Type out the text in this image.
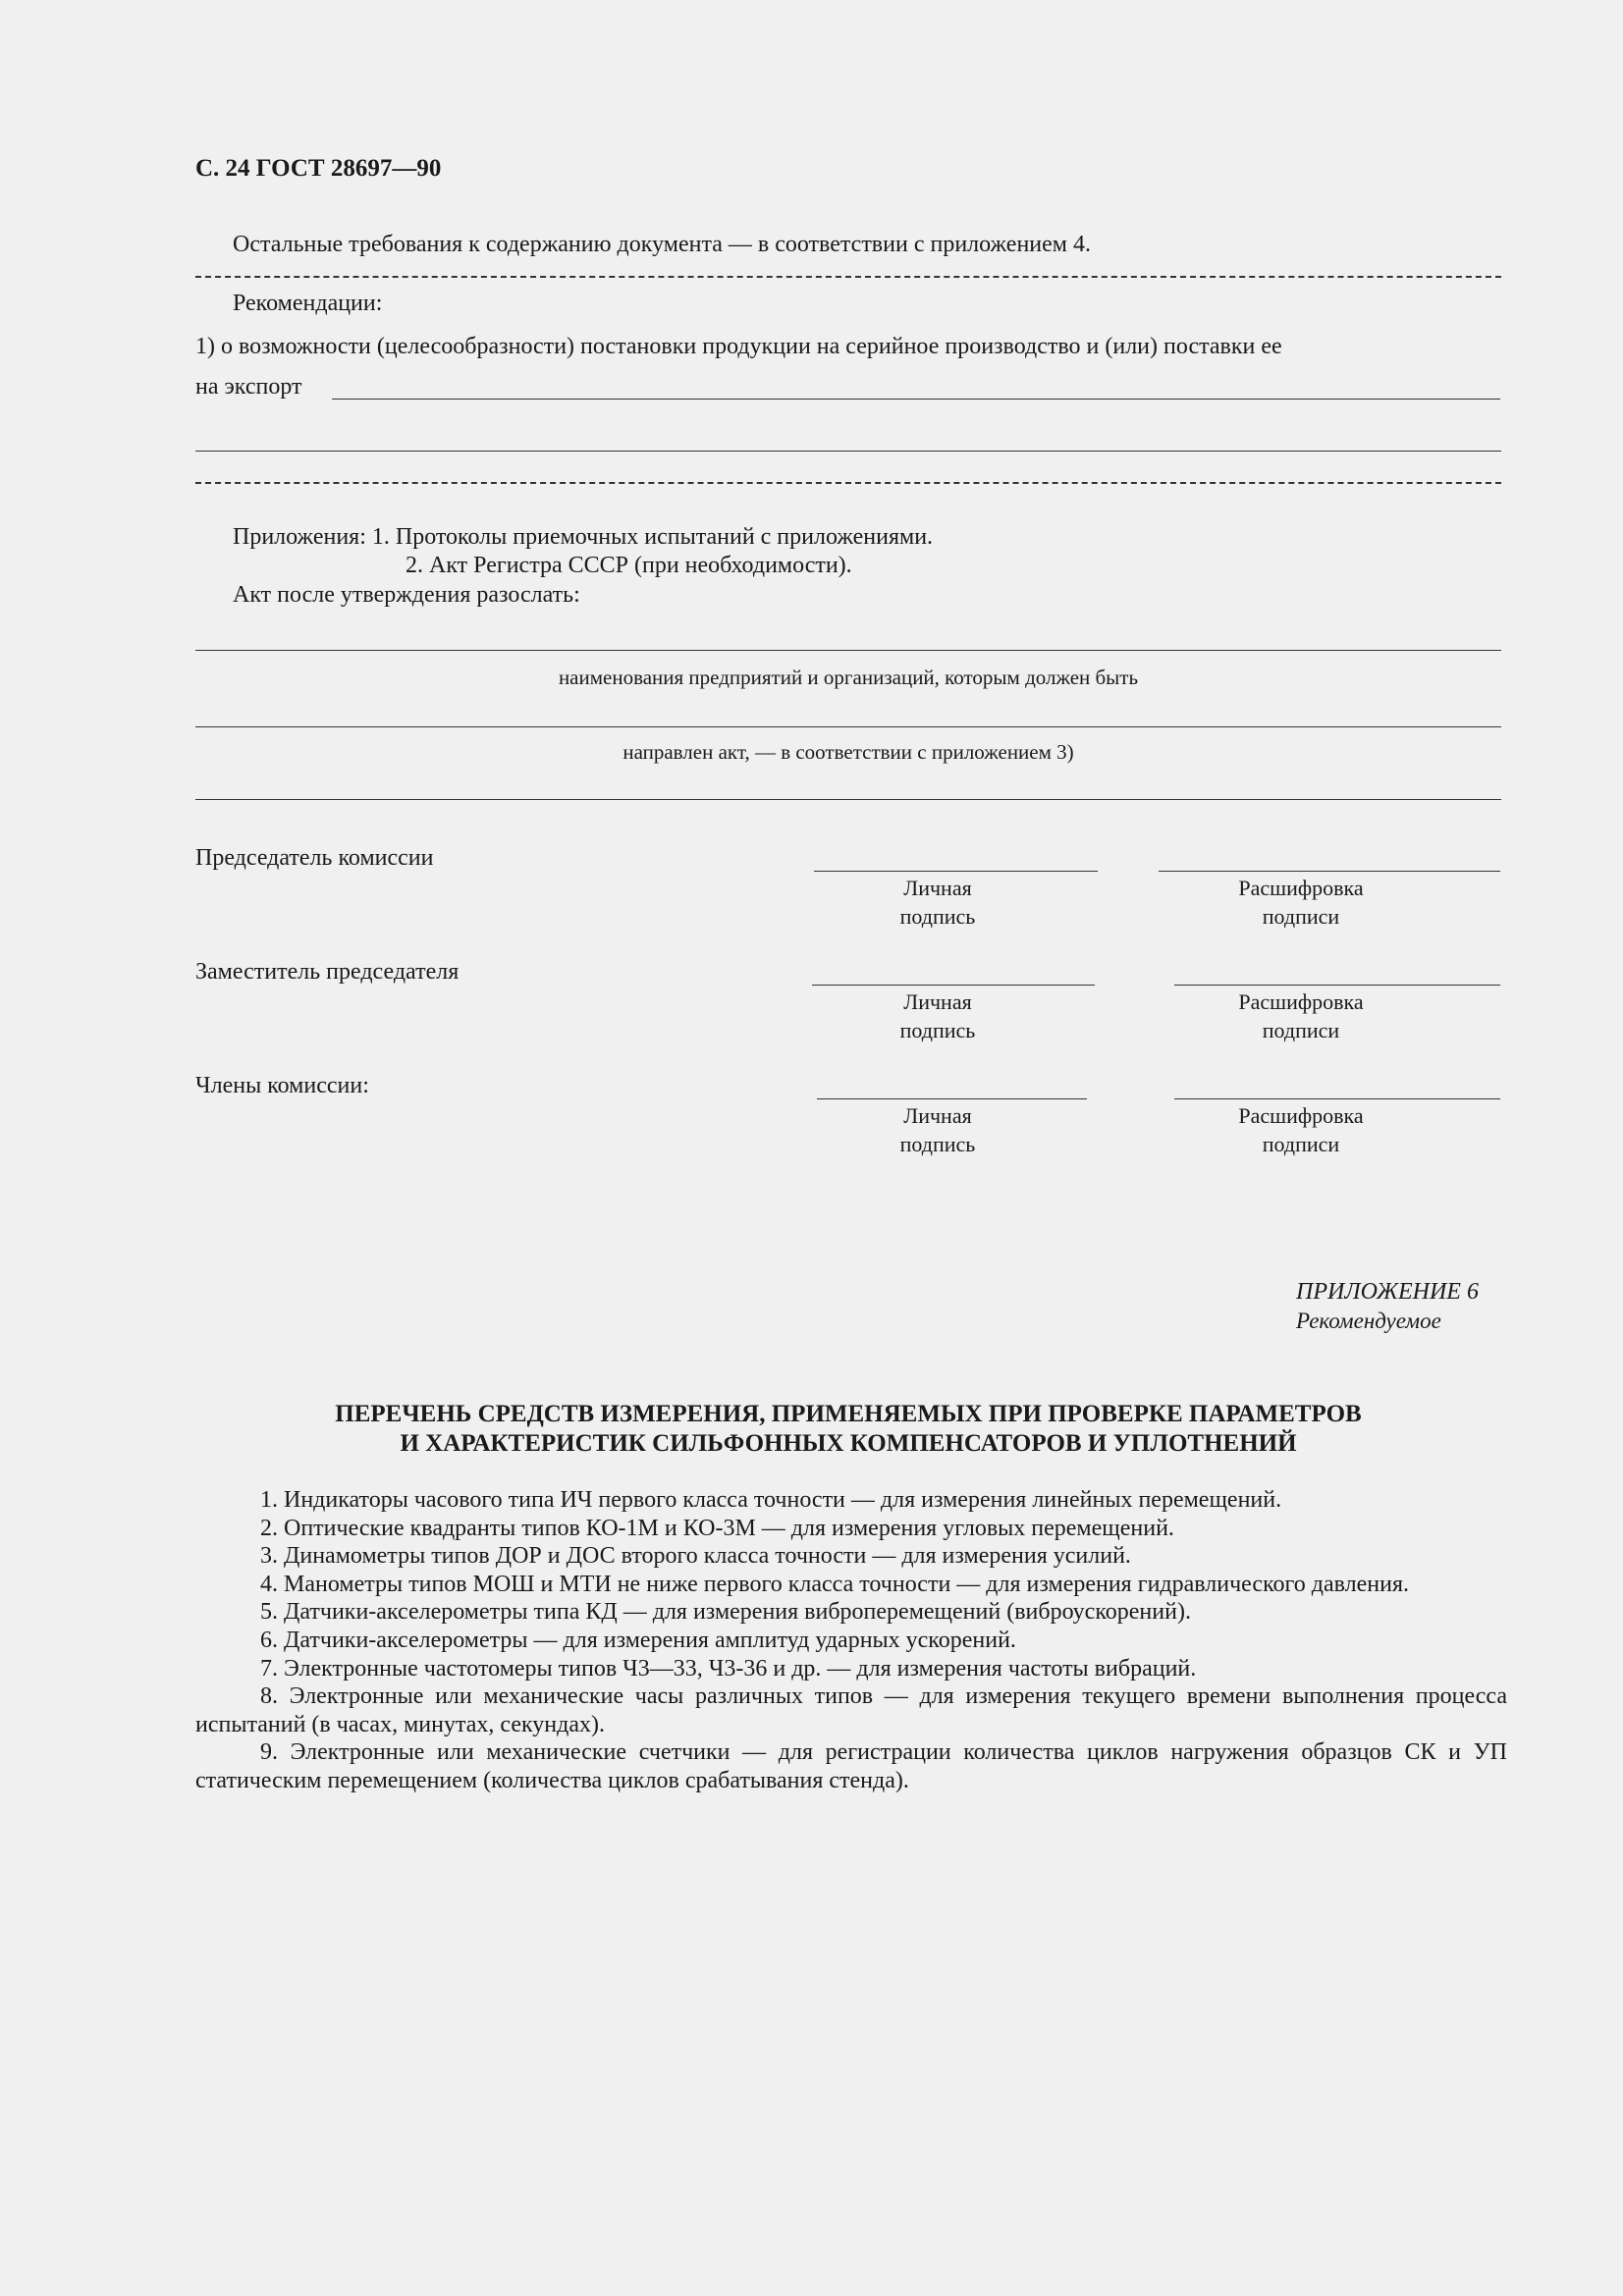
С. 24 ГОСТ 28697—90
Остальные требования к содержанию документа — в соответствии с приложением 4.
Рекомендации:
1) о возможности (целесообразности) постановки продукции на серийное производство и (или) поставки ее
на экспорт
Приложения: 1. Протоколы приемочных испытаний с приложениями.
2. Акт Регистра СССР (при необходимости).
Акт после утверждения разослать:
наименования предприятий и организаций, которым должен быть
направлен акт, — в соответствии с приложением 3)
Председатель комиссии
Личная
подпись
Расшифровка
подписи
Заместитель председателя
Личная
подпись
Расшифровка
подписи
Члены комиссии:
Личная
подпись
Расшифровка
подписи
ПРИЛОЖЕНИЕ 6
Рекомендуемое
ПЕРЕЧЕНЬ СРЕДСТВ ИЗМЕРЕНИЯ, ПРИМЕНЯЕМЫХ ПРИ ПРОВЕРКЕ ПАРАМЕТРОВ
И ХАРАКТЕРИСТИК СИЛЬФОННЫХ КОМПЕНСАТОРОВ И УПЛОТНЕНИЙ

1. Индикаторы часового типа ИЧ первого класса точности — для измерения линейных перемещений.

2. Оптические квадранты типов КО-1М и КО-3М — для измерения угловых перемещений.

3. Динамометры типов ДОР и ДОС второго класса точности — для измерения усилий.

4. Манометры типов МОШ и МТИ не ниже первого класса точности — для измерения гидравлического давления.

5. Датчики-акселерометры типа КД — для измерения виброперемещений (виброускорений).

6. Датчики-акселерометры — для измерения амплитуд ударных ускорений.

7. Электронные частотомеры типов Ч3—33, Ч3-36 и др. — для измерения частоты вибраций.

8. Электронные или механические часы различных типов — для измерения текущего времени выполнения процесса испытаний (в часах, минутах, секундах).

9. Электронные или механические счетчики — для регистрации количества циклов нагружения образцов СК и УП статическим перемещением (количества циклов срабатывания стенда).
